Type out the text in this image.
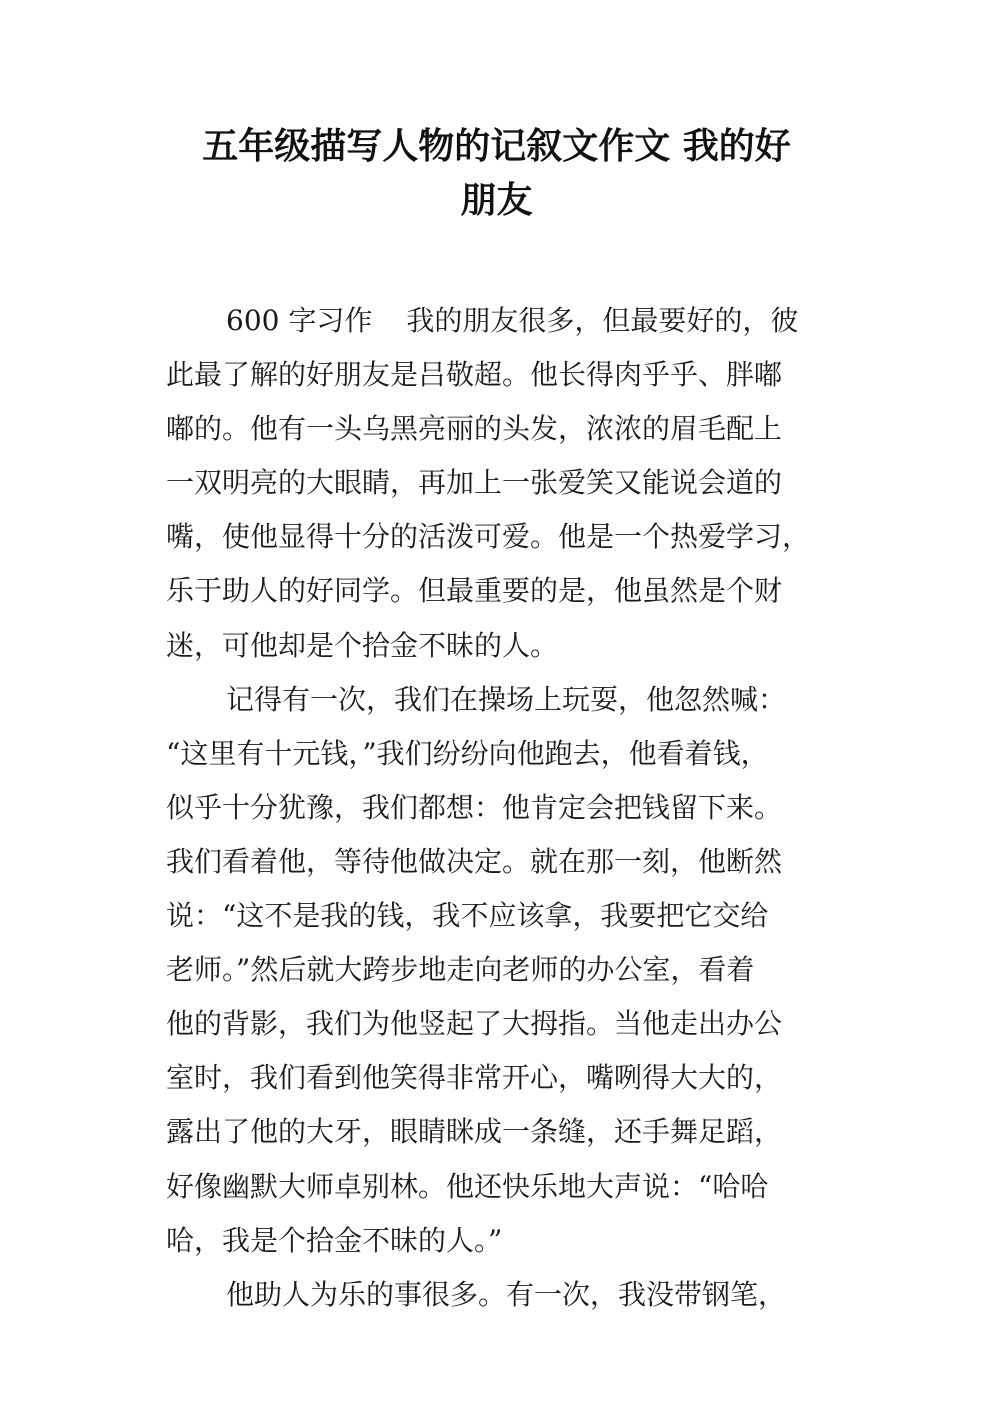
五年级描写人物的记叙文作文 我的好
朋友
600 字习作 我的朋友很多，但最要好的，彼
此最了解的好朋友是吕敬超。他长得肉乎乎、胖嘟
嘟的。他有一头乌黑亮丽的头发，浓浓的眉毛配上
一双明亮的大眼睛，再加上一张爱笑又能说会道的
嘴，使他显得十分的活泼可爱。他是一个热爱学习，
乐于助人的好同学。但最重要的是，他虽然是个财
迷，可他却是个拾金不昧的人。
记得有一次，我们在操场上玩耍，他忽然喊：
“这里有十元钱，”我们纷纷向他跑去，他看着钱，
似乎十分犹豫，我们都想：他肯定会把钱留下来。
我们看着他，等待他做决定。就在那一刻，他断然
说：“这不是我的钱，我不应该拿，我要把它交给
老师。”然后就大跨步地走向老师的办公室，看着
他的背影，我们为他竖起了大拇指。当他走出办公
室时，我们看到他笑得非常开心，嘴咧得大大的，
露出了他的大牙，眼睛眯成一条缝，还手舞足蹈，
好像幽默大师卓别林。他还快乐地大声说：“哈哈
哈，我是个拾金不昧的人。”
他助人为乐的事很多。有一次，我没带钢笔，
